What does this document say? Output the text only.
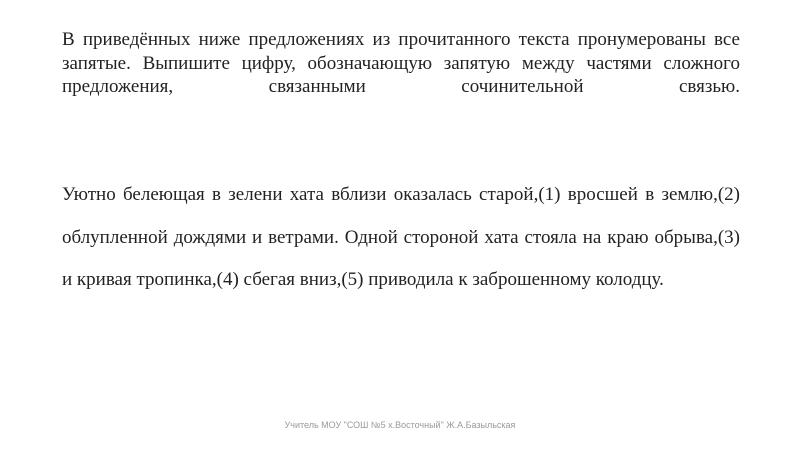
В приведённых ниже предложениях из прочитанного текста пронумерованы все запятые. Выпишите цифру, обозначающую запятую между частями сложного предложения, связанными сочинительной связью.

Уютно белеющая в зелени хата вблизи оказалась старой,(1) вросшей в землю,(2) облупленной дождями и ветрами. Одной стороной хата стояла на краю обрыва,(3) и кривая тропинка,(4) сбегая вниз,(5) приводила к заброшенному колодцу.

Учитель МОУ "СОШ №5 х.Восточный" Ж.А.Базыльская
